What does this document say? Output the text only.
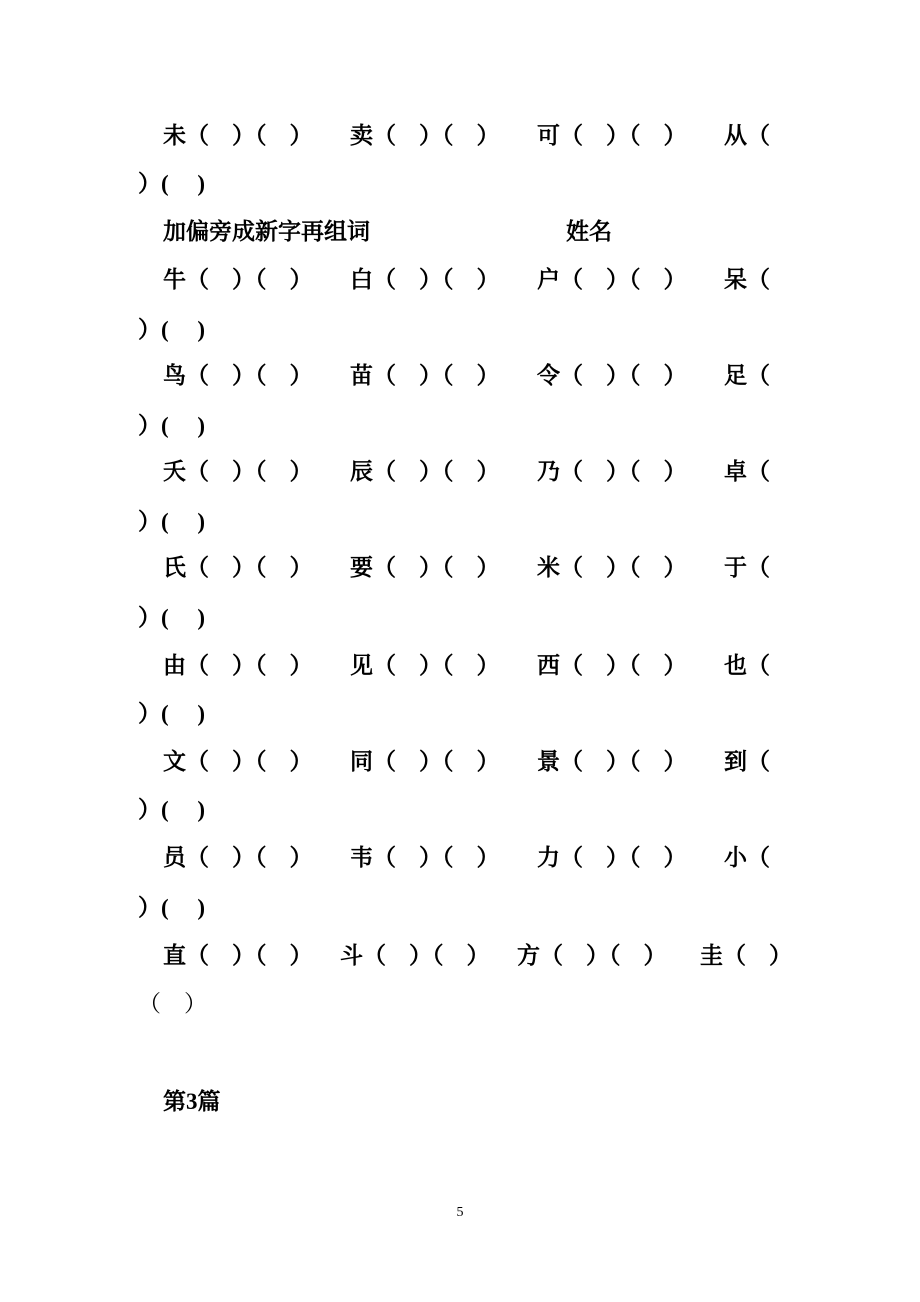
未（　）（　）

卖（　）（　）

可（　）（　）

从（

）( 　)

加偏旁成新字再组词	姓名

牛（　）（　）

白（　）（　）

户（　）（　）

呆（

）( 　)

鸟（　）（　）

苗（　）（　）

令（　）（　）

足（

）( 　)

夭（　）（　）

辰（　）（　）

乃（　）（　）

卓（

）( 　)

氏（　）（　）

要（　）（　）

米（　）（　）

于（

）( 　)

由（　）（　）

见（　）（　）

西（　）（　）

也（

）( 　)

文（　）（　）

同（　）（　）

景（　）（　）

到（

）( 　)

员（　）（　）

韦（　）（　）

力（　）（　）

小（

）( 　)

直（　）（　）

斗（　）（　）

方（　）（　）

圭（　）

（　）

第3篇
5
